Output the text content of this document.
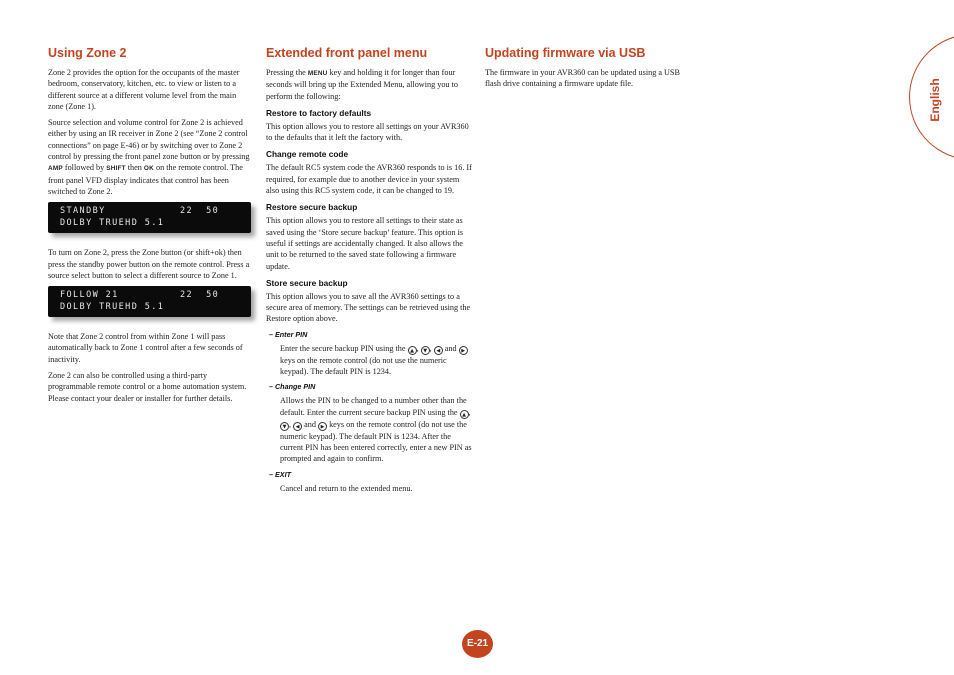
Using Zone 2

Zone 2 provides the option for the occupants of the master bedroom, conservatory, kitchen, etc. to view or listen to a different source at a different volume level from the main zone (Zone 1).

Source selection and volume control for Zone 2 is achieved either by using an IR receiver in Zone 2 (see “Zone 2 control connections” on page E-46) or by switching over to Zone 2 control by pressing the front panel zone button or by pressing AMP followed by SHIFT then OK on the remote control. The front panel VFD display indicates that control has been switched to Zone 2.

STANDBY	22  50

DOLBY TRUEHD 5.1

To turn on Zone 2, press the Zone button (or shift+ok) then press the standby power button on the remote control. Press a source select button to select a different source to Zone 1.

FOLLOW 21	22  50

DOLBY TRUEHD 5.1

Note that Zone 2 control from within Zone 1 will pass automatically back to Zone 1 control after a few seconds of inactivity.

Zone 2 can also be controlled using a third-party programmable remote control or a home automation system. Please contact your dealer or installer for further details.

Extended front panel menu

Pressing the MENU key and holding it for longer than four seconds will bring up the Extended Menu, allowing you to perform the following:

Restore to factory defaults

This option allows you to restore all settings on your AVR360 to the defaults that it left the factory with.

Change remote code

The default RC5 system code the AVR360 responds to is 16. If required, for example due to another device in your system also using this RC5 system code, it can be changed to 19.

Restore secure backup

This option allows you to restore all settings to their state as saved using the ‘Store secure backup’ feature. This option is useful if settings are accidentally changed. It also allows the unit to be returned to the saved state following a firmware update.

Store secure backup

This option allows you to save all the AVR360 settings to a secure area of memory. The settings can be retrieved using the Restore option above.

– Enter PIN

Enter the secure backup PIN using the ▲ , ▼ , ◀ and ▶ keys on the remote control (do not use the numeric keypad). The default PIN is 1234.

– Change PIN

Allows the PIN to be changed to a number other than the default. Enter the current secure backup PIN using the ▲ , ▼ , ◀ and ▶ keys on the remote control (do not use the numeric keypad). The default PIN is 1234. After the current PIN has been entered correctly, enter a new PIN as prompted and again to confirm.

– EXIT

Cancel and return to the extended menu.

Updating firmware via USB

The firmware in your AVR360 can be updated using a USB flash drive containing a firmware update file.	English
E-21
